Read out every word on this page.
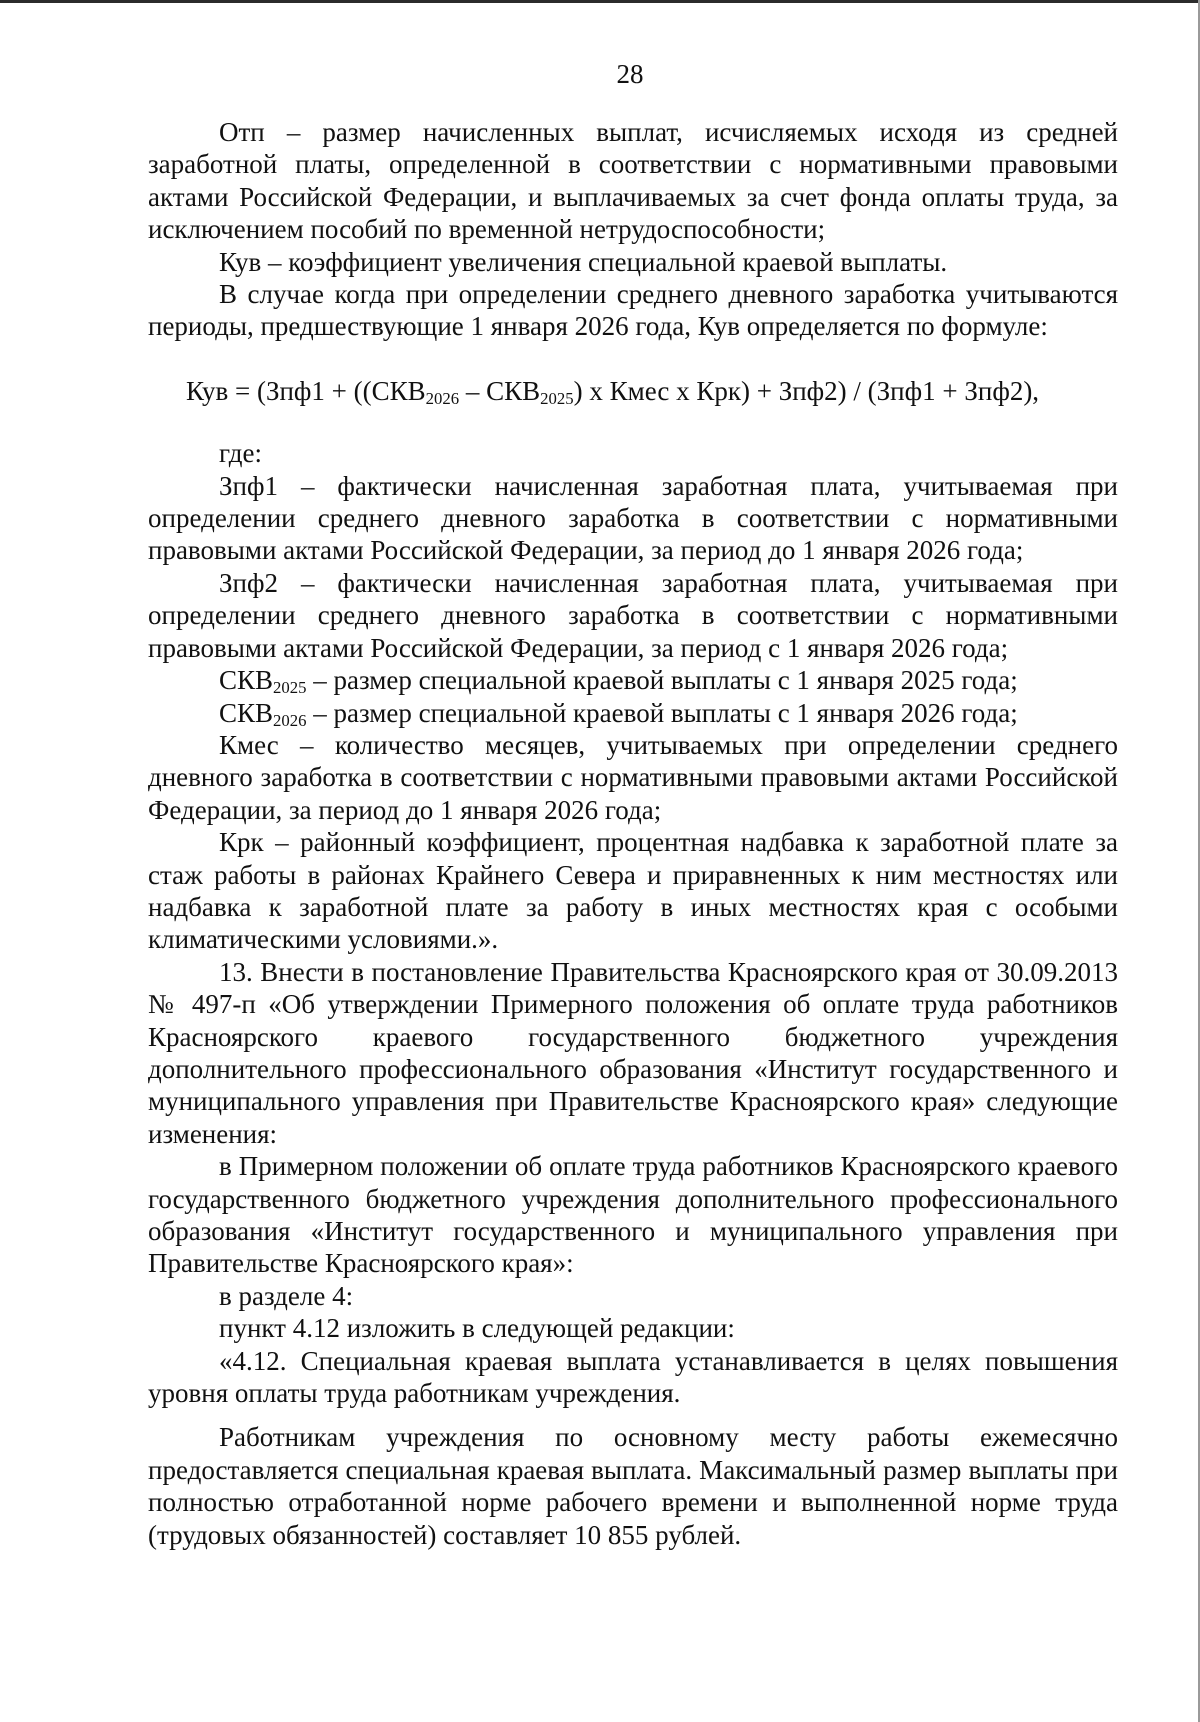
28

Отп – размер начисленных выплат, исчисляемых исходя из средней заработной платы, определенной в соответствии с нормативными правовыми актами Российской Федерации, и выплачиваемых за счет фонда оплаты труда, за исключением пособий по временной нетрудоспособности;

Кув – коэффициент увеличения специальной краевой выплаты.

В случае когда при определении среднего дневного заработка учитываются периоды, предшествующие 1 января 2026 года, Кув определяется по формуле:

Кув = ($Зпф1 + ((СКВ_{2026} - СКВ_{2025})$ х Кмес х Крк) + Зпф2) / (Зпф1 + Зпф2),

где:

Зпф1 – фактически начисленная заработная плата, учитываемая при определении среднего дневного заработка в соответствии с нормативными правовыми актами Российской Федерации, за период до 1 января 2026 года;

Зпф2 – фактически начисленная заработная плата, учитываемая при определении среднего дневного заработка в соответствии с нормативными правовыми актами Российской Федерации, за период с 1 января 2026 года;

$СКВ_{2025}$ – размер специальной краевой выплаты с 1 января 2025 года;

$СКВ_{2026}$ – размер специальной краевой выплаты с 1 января 2026 года;

Кмес – количество месяцев, учитываемых при определении среднего дневного заработка в соответствии с нормативными правовыми актами Российской Федерации, за период до 1 января 2026 года;

Крк – районный коэффициент, процентная надбавка к заработной плате за стаж работы в районах Крайнего Севера и приравненных к ним местностях или надбавка к заработной плате за работу в иных местностях края с особыми климатическими условиями.».

13. Внести в постановление Правительства Красноярского края от 30.09.2013 № 497-п «Об утверждении Примерного положения об оплате труда работников Красноярского краевого государственного бюджетного учреждения дополнительного профессионального образования «Институт государственного и муниципального управления при Правительстве Красноярского края» следующие изменения:

в Примерном положении об оплате труда работников Красноярского краевого государственного бюджетного учреждения дополнительного профессионального образования «Институт государственного и муниципального управления при Правительстве Красноярского края»:

в разделе 4:

пункт 4.12 изложить в следующей редакции:

«4.12. Специальная краевая выплата устанавливается в целях повышения уровня оплаты труда работникам учреждения.

Работникам учреждения по основному месту работы ежемесячно предоставляется специальная краевая выплата. Максимальный размер выплаты при полностью отработанной норме рабочего времени и выполненной норме труда (трудовых обязанностей) составляет 10 855 рублей.
